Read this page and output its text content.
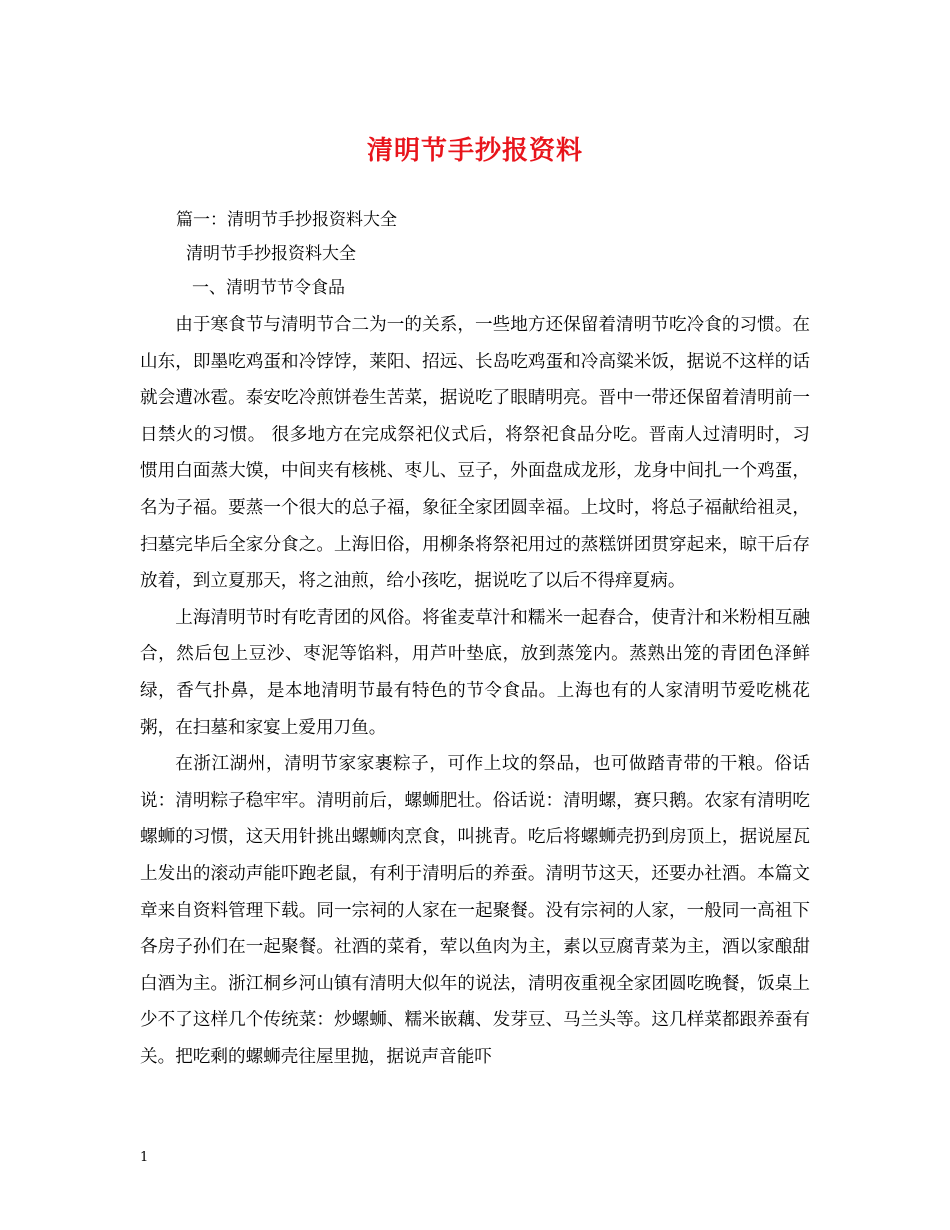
清明节手抄报资料

篇一：清明节手抄报资料大全

清明节手抄报资料大全

一、清明节节令食品

由于寒食节与清明节合二为一的关系，一些地方还保留着清明节吃冷食的习惯。在山东，即墨吃鸡蛋和冷饽饽，莱阳、招远、长岛吃鸡蛋和冷高粱米饭，据说不这样的话就会遭冰雹。泰安吃冷煎饼卷生苦菜，据说吃了眼睛明亮。晋中一带还保留着清明前一日禁火的习惯。 很多地方在完成祭祀仪式后，将祭祀食品分吃。晋南人过清明时，习惯用白面蒸大馍，中间夹有核桃、枣儿、豆子，外面盘成龙形，龙身中间扎一个鸡蛋，名为子福。要蒸一个很大的总子福，象征全家团圆幸福。上坟时，将总子福献给祖灵，扫墓完毕后全家分食之。上海旧俗，用柳条将祭祀用过的蒸糕饼团贯穿起来，晾干后存放着，到立夏那天，将之油煎，给小孩吃，据说吃了以后不得痒夏病。

上海清明节时有吃青团的风俗。将雀麦草汁和糯米一起舂合，使青汁和米粉相互融合，然后包上豆沙、枣泥等馅料，用芦叶垫底，放到蒸笼内。蒸熟出笼的青团色泽鲜绿，香气扑鼻，是本地清明节最有特色的节令食品。上海也有的人家清明节爱吃桃花粥，在扫墓和家宴上爱用刀鱼。

在浙江湖州，清明节家家裹粽子，可作上坟的祭品，也可做踏青带的干粮。俗话说：清明粽子稳牢牢。清明前后，螺蛳肥壮。俗话说：清明螺，赛只鹅。农家有清明吃螺蛳的习惯，这天用针挑出螺蛳肉烹食，叫挑青。吃后将螺蛳壳扔到房顶上，据说屋瓦上发出的滚动声能吓跑老鼠，有利于清明后的养蚕。清明节这天，还要办社酒。本篇文章来自资料管理下载。同一宗祠的人家在一起聚餐。没有宗祠的人家，一般同一高祖下各房子孙们在一起聚餐。社酒的菜肴，荤以鱼肉为主，素以豆腐青菜为主，酒以家酿甜白酒为主。浙江桐乡河山镇有清明大似年的说法，清明夜重视全家团圆吃晚餐，饭桌上少不了这样几个传统菜：炒螺蛳、糯米嵌藕、发芽豆、马兰头等。这几样菜都跟养蚕有关。把吃剩的螺蛳壳往屋里抛，据说声音能吓

1
